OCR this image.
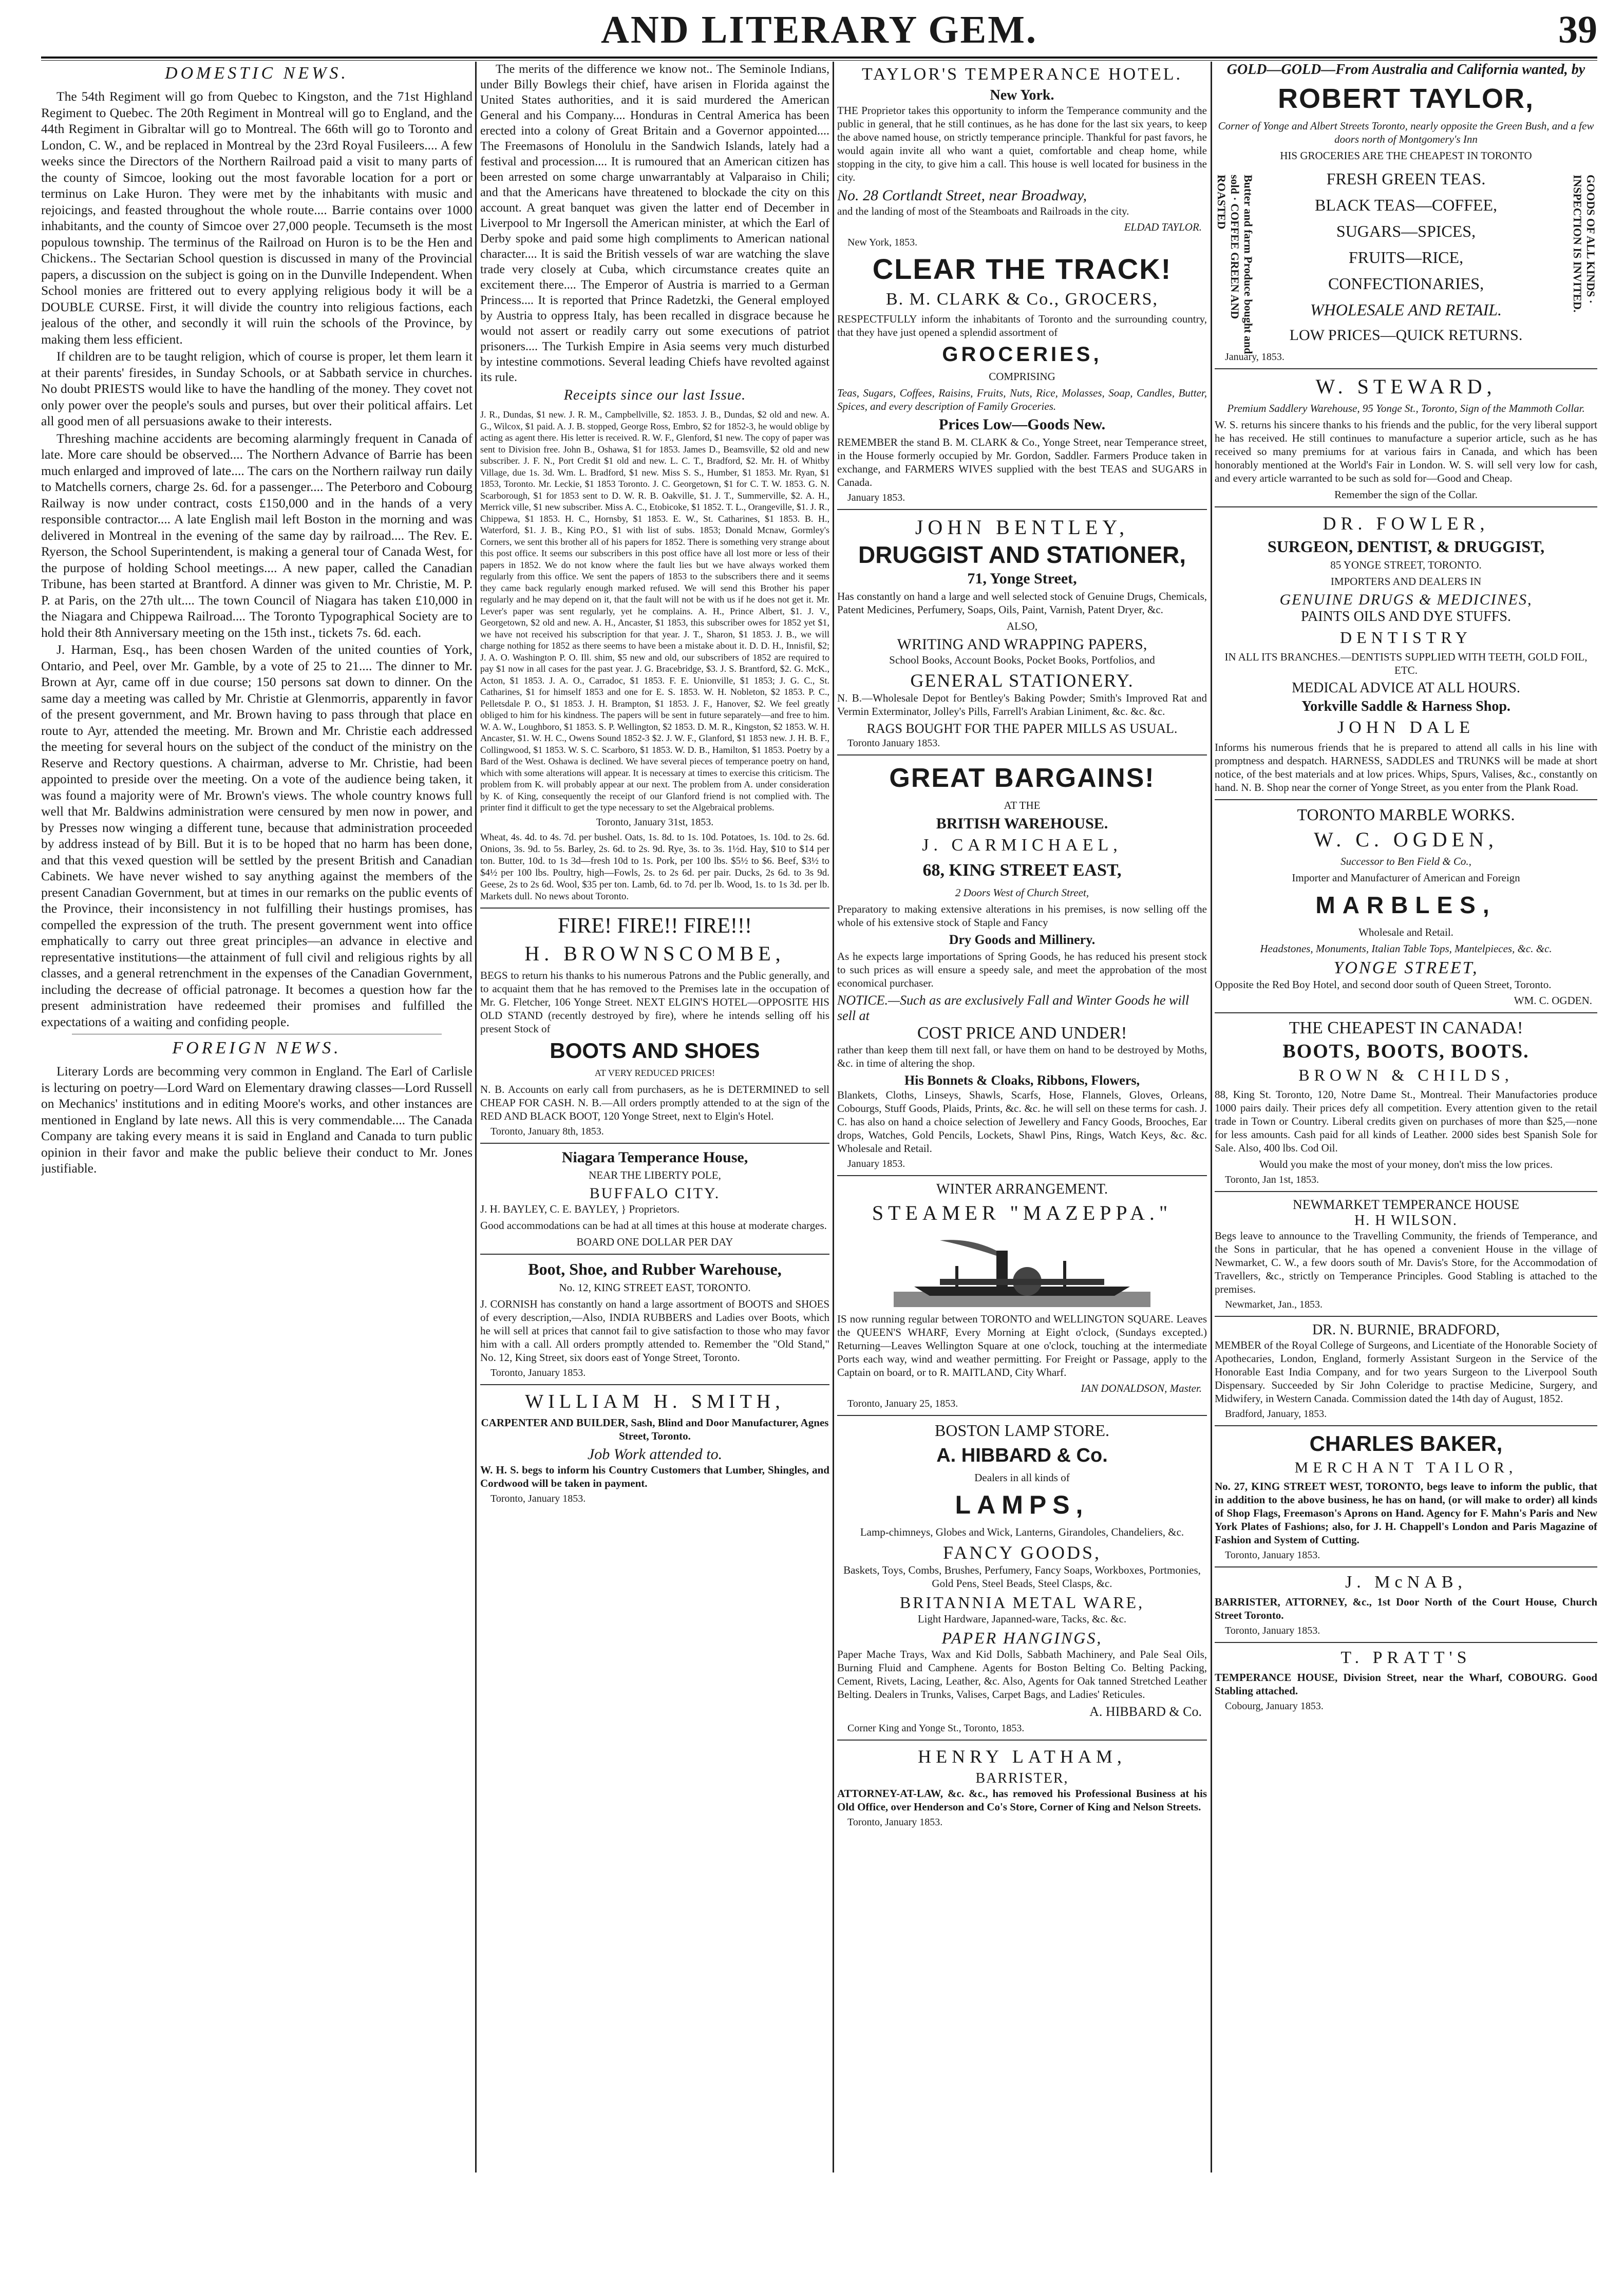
AND LITERARY GEM.	39
DOMESTIC NEWS.

The 54th Regiment will go from Quebec to Kingston, and the 71st Highland Regiment to Quebec. The 20th Regiment in Montreal will go to England, and the 44th Regiment in Gibraltar will go to Montreal. The 66th will go to Toronto and London, C. W., and be replaced in Montreal by the 23rd Royal Fusileers.... A few weeks since the Directors of the Northern Railroad paid a visit to many parts of the county of Simcoe, looking out the most favorable location for a port or terminus on Lake Huron. They were met by the inhabitants with music and rejoicings, and feasted throughout the whole route.... Barrie contains over 1000 inhabitants, and the county of Simcoe over 27,000 people. Tecumseth is the most populous township. The terminus of the Railroad on Huron is to be the Hen and Chickens.. The Sectarian School question is discussed in many of the Provincial papers, a discussion on the subject is going on in the Dunville Independent. When School monies are frittered out to every applying religious body it will be a DOUBLE CURSE. First, it will divide the country into religious factions, each jealous of the other, and secondly it will ruin the schools of the Province, by making them less efficient.

If children are to be taught religion, which of course is proper, let them learn it at their parents' firesides, in Sunday Schools, or at Sabbath service in churches. No doubt PRIESTS would like to have the handling of the money. They covet not only power over the people's souls and purses, but over their political affairs. Let all good men of all persuasions awake to their interests.

Threshing machine accidents are becoming alarmingly frequent in Canada of late. More care should be observed.... The Northern Advance of Barrie has been much enlarged and improved of late.... The cars on the Northern railway run daily to Matchells corners, charge 2s. 6d. for a passenger.... The Peterboro and Cobourg Railway is now under contract, costs £150,000 and in the hands of a very responsible contractor.... A late English mail left Boston in the morning and was delivered in Montreal in the evening of the same day by railroad.... The Rev. E. Ryerson, the School Superintendent, is making a general tour of Canada West, for the purpose of holding School meetings.... A new paper, called the Canadian Tribune, has been started at Brantford. A dinner was given to Mr. Christie, M. P. P. at Paris, on the 27th ult.... The town Council of Niagara has taken £10,000 in the Niagara and Chippewa Railroad.... The Toronto Typographical Society are to hold their 8th Anniversary meeting on the 15th inst., tickets 7s. 6d. each.

J. Harman, Esq., has been chosen Warden of the united counties of York, Ontario, and Peel, over Mr. Gamble, by a vote of 25 to 21.... The dinner to Mr. Brown at Ayr, came off in due course; 150 persons sat down to dinner. On the same day a meeting was called by Mr. Christie at Glenmorris, apparently in favor of the present government, and Mr. Brown having to pass through that place en route to Ayr, attended the meeting. Mr. Brown and Mr. Christie each addressed the meeting for several hours on the subject of the conduct of the ministry on the Reserve and Rectory questions. A chairman, adverse to Mr. Christie, had been appointed to preside over the meeting. On a vote of the audience being taken, it was found a majority were of Mr. Brown's views. The whole country knows full well that Mr. Baldwins administration were censured by men now in power, and by Presses now winging a different tune, because that administration proceeded by address instead of by Bill. But it is to be hoped that no harm has been done, and that this vexed question will be settled by the present British and Canadian Cabinets. We have never wished to say anything against the members of the present Canadian Government, but at times in our remarks on the public events of the Province, their inconsistency in not fulfilling their hustings promises, has compelled the expression of the truth. The present government went into office emphatically to carry out three great principles—an advance in elective and representative institutions—the attainment of full civil and religious rights by all classes, and a general retrenchment in the expenses of the Canadian Government, including the decrease of official patronage. It becomes a question how far the present administration have redeemed their promises and fulfilled the expectations of a waiting and confiding people.

FOREIGN NEWS.

Literary Lords are becomming very common in England. The Earl of Carlisle is lecturing on poetry—Lord Ward on Elementary drawing classes—Lord Russell on Mechanics' institutions and in editing Moore's works, and other instances are mentioned in England by late news. All this is very commendable.... The Canada Company are taking every means it is said in England and Canada to turn public opinion in their favor and make the public believe their conduct to Mr. Jones justifiable.

The merits of the difference we know not.. The Seminole Indians, under Billy Bowlegs their chief, have arisen in Florida against the United States authorities, and it is said murdered the American General and his Company.... Honduras in Central America has been erected into a colony of Great Britain and a Governor appointed.... The Freemasons of Honolulu in the Sandwich Islands, lately had a festival and procession.... It is rumoured that an American citizen has been arrested on some charge unwarrantably at Valparaiso in Chili; and that the Americans have threatened to blockade the city on this account. A great banquet was given the latter end of December in Liverpool to Mr Ingersoll the American minister, at which the Earl of Derby spoke and paid some high compliments to American national character.... It is said the British vessels of war are watching the slave trade very closely at Cuba, which circumstance creates quite an excitement there.... The Emperor of Austria is married to a German Princess.... It is reported that Prince Radetzki, the General employed by Austria to oppress Italy, has been recalled in disgrace because he would not assert or readily carry out some executions of patriot prisoners.... The Turkish Empire in Asia seems very much disturbed by intestine commotions. Several leading Chiefs have revolted against its rule.

Receipts since our last Issue.

J. R., Dundas, $1 new. J. R. M., Campbellville, $2. 1853. J. B., Dundas, $2 old and new. A. G., Wilcox, $1 paid. A. J. B. stopped, George Ross, Embro, $2 for 1852-3, he would oblige by acting as agent there. His letter is received. R. W. F., Glenford, $1 new. The copy of paper was sent to Division free. John B., Oshawa, $1 for 1853. James D., Beamsville, $2 old and new subscriber. J. F. N., Port Credit $1 old and new. L. C. T., Bradford, $2. Mr. H. of Whitby Village, due 1s. 3d. Wm. L. Bradford, $1 new. Miss S. S., Humber, $1 1853. Mr. Ryan, $1 1853, Toronto. Mr. Leckie, $1 1853 Toronto. J. C. Georgetown, $1 for C. T. W. 1853. G. N. Scarborough, $1 for 1853 sent to D. W. R. B. Oakville, $1. J. T., Summerville, $2. A. H., Merrick ville, $1 new subscriber. Miss A. C., Etobicoke, $1 1852. T. L., Orangeville, $1. J. R., Chippewa, $1 1853. H. C., Hornsby, $1 1853. E. W., St. Catharines, $1 1853. B. H., Waterford, $1. J. B., King P.O., $1 with list of subs. 1853; Donald Mcnaw, Gormley's Corners, we sent this brother all of his papers for 1852. There is something very strange about this post office. It seems our subscribers in this post office have all lost more or less of their papers in 1852. We do not know where the fault lies but we have always worked them regularly from this office. We sent the papers of 1853 to the subscribers there and it seems they came back regularly enough marked refused. We will send this Brother his paper regularly and he may depend on it, that the fault will not be with us if he does not get it. Mr. Lever's paper was sent regularly, yet he complains. A. H., Prince Albert, $1. J. V., Georgetown, $2 old and new. A. H., Ancaster, $1 1853, this subscriber owes for 1852 yet $1, we have not received his subscription for that year. J. T., Sharon, $1 1853. J. B., we will charge nothing for 1852 as there seems to have been a mistake about it. D. D. H., Innisfil, $2; J. A. O. Washington P. O. Ill. shim, $5 new and old, our subscribers of 1852 are required to pay $1 now in all cases for the past year. J. G. Bracebridge, $3. J. S. Brantford, $2. G. McK., Acton, $1 1853. J. A. O., Carradoc, $1 1853. F. E. Unionville, $1 1853; J. G. C., St. Catharines, $1 for himself 1853 and one for E. S. 1853. W. H. Nobleton, $2 1853. P. C., Pelletsdale P. O., $1 1853. J. H. Brampton, $1 1853. J. F., Hanover, $2. We feel greatly obliged to him for his kindness. The papers will be sent in future separately—and free to him. W. A. W., Loughboro, $1 1853. S. P. Wellington, $2 1853. D. M. R., Kingston, $2 1853. W. H. Ancaster, $1. W. H. C., Owens Sound 1852-3 $2. J. W. F., Glanford, $1 1853 new. J. H. B. F., Collingwood, $1 1853. W. S. C. Scarboro, $1 1853. W. D. B., Hamilton, $1 1853. Poetry by a Bard of the West. Oshawa is declined. We have several pieces of temperance poetry on hand, which with some alterations will appear. It is necessary at times to exercise this criticism. The problem from K. will probably appear at our next. The problem from A. under consideration by K. of King, consequently the receipt of our Glanford friend is not complied with. The printer find it difficult to get the type necessary to set the Algebraical problems.

Toronto, January 31st, 1853.

Wheat, 4s. 4d. to 4s. 7d. per bushel. Oats, 1s. 8d. to 1s. 10d. Potatoes, 1s. 10d. to 2s. 6d. Onions, 3s. 9d. to 5s. Barley, 2s. 6d. to 2s. 9d. Rye, 3s. to 3s. 1½d. Hay, $10 to $14 per ton. Butter, 10d. to 1s 3d—fresh 10d to 1s. Pork, per 100 lbs. $5½ to $6. Beef, $3½ to $4½ per 100 lbs. Poultry, high—Fowls, 2s. to 2s 6d. per pair. Ducks, 2s 6d. to 3s 9d. Geese, 2s to 2s 6d. Wool, $35 per ton. Lamb, 6d. to 7d. per lb. Wood, 1s. to 1s 3d. per lb. Markets dull. No news about Toronto.

FIRE! FIRE!! FIRE!!!
H. BROWNSCOMBE,

BEGS to return his thanks to his numerous Patrons and the Public generally, and to acquaint them that he has removed to the Premises late in the occupation of Mr. G. Fletcher, 106 Yonge Street. NEXT ELGIN'S HOTEL—OPPOSITE HIS OLD STAND (recently destroyed by fire), where he intends selling off his present Stock of

BOOTS AND SHOES
AT VERY REDUCED PRICES!

N. B. Accounts on early call from purchasers, as he is DETERMINED to sell CHEAP FOR CASH. N. B.—All orders promptly attended to at the sign of the RED AND BLACK BOOT, 120 Yonge Street, next to Elgin's Hotel.

Toronto, January 8th, 1853.
Niagara Temperance House,
NEAR THE LIBERTY POLE,
BUFFALO CITY.
J. H. BAYLEY, C. E. BAYLEY, } Proprietors.

Good accommodations can be had at all times at this house at moderate charges.

BOARD ONE DOLLAR PER DAY
Boot, Shoe, and Rubber Warehouse,
No. 12, KING STREET EAST, TORONTO.

J. CORNISH has constantly on hand a large assortment of BOOTS and SHOES of every description,—Also, INDIA RUBBERS and Ladies over Boots, which he will sell at prices that cannot fail to give satisfaction to those who may favor him with a call. All orders promptly attended to. Remember the "Old Stand," No. 12, King Street, six doors east of Yonge Street, Toronto.

Toronto, January 1853.
WILLIAM H. SMITH,
CARPENTER AND BUILDER, Sash, Blind and Door Manufacturer, Agnes Street, Toronto.
Job Work attended to.

W. H. S. begs to inform his Country Customers that Lumber, Shingles, and Cordwood will be taken in payment.

Toronto, January 1853.
TAYLOR'S TEMPERANCE HOTEL.
New York.

THE Proprietor takes this opportunity to inform the Temperance community and the public in general, that he still continues, as he has done for the last six years, to keep the above named house, on strictly temperance principle. Thankful for past favors, he would again invite all who want a quiet, comfortable and cheap home, while stopping in the city, to give him a call. This house is well located for business in the city.

No. 28 Cortlandt Street, near Broadway,

and the landing of most of the Steamboats and Railroads in the city.

ELDAD TAYLOR.
New York, 1853.
CLEAR THE TRACK!
B. M. CLARK & Co., GROCERS,

RESPECTFULLY inform the inhabitants of Toronto and the surrounding country, that they have just opened a splendid assortment of

GROCERIES,
COMPRISING

Teas, Sugars, Coffees, Raisins, Fruits, Nuts, Rice, Molasses, Soap, Candles, Butter, Spices, and every description of Family Groceries.

Prices Low—Goods New.

REMEMBER the stand B. M. CLARK & Co., Yonge Street, near Temperance street, in the House formerly occupied by Mr. Gordon, Saddler. Farmers Produce taken in exchange, and FARMERS WIVES supplied with the best TEAS and SUGARS in Canada.

January 1853.
JOHN BENTLEY,
DRUGGIST AND STATIONER,
71, Yonge Street,

Has constantly on hand a large and well selected stock of Genuine Drugs, Chemicals, Patent Medicines, Perfumery, Soaps, Oils, Paint, Varnish, Patent Dryer, &c.

ALSO,
WRITING AND WRAPPING PAPERS,
School Books, Account Books, Pocket Books, Portfolios, and
GENERAL STATIONERY.

N. B.—Wholesale Depot for Bentley's Baking Powder; Smith's Improved Rat and Vermin Exterminator, Jolley's Pills, Farrell's Arabian Liniment, &c. &c. &c.

RAGS BOUGHT FOR THE PAPER MILLS AS USUAL.
Toronto January 1853.
GREAT BARGAINS!
AT THE
BRITISH WAREHOUSE.
J. CARMICHAEL,
68, KING STREET EAST,
2 Doors West of Church Street,

Preparatory to making extensive alterations in his premises, is now selling off the whole of his extensive stock of Staple and Fancy

Dry Goods and Millinery.

As he expects large importations of Spring Goods, he has reduced his present stock to such prices as will ensure a speedy sale, and meet the approbation of the most economical purchaser.

NOTICE.—Such as are exclusively Fall and Winter Goods he will sell at
COST PRICE AND UNDER!

rather than keep them till next fall, or have them on hand to be destroyed by Moths, &c. in time of altering the shop.

His Bonnets & Cloaks, Ribbons, Flowers,

Blankets, Cloths, Linseys, Shawls, Scarfs, Hose, Flannels, Gloves, Orleans, Cobourgs, Stuff Goods, Plaids, Prints, &c. &c. he will sell on these terms for cash. J. C. has also on hand a choice selection of Jewellery and Fancy Goods, Brooches, Ear drops, Watches, Gold Pencils, Lockets, Shawl Pins, Rings, Watch Keys, &c. &c. Wholesale and Retail.

January 1853.
WINTER ARRANGEMENT.
STEAMER "MAZEPPA."

IS now running regular between TORONTO and WELLINGTON SQUARE. Leaves the QUEEN'S WHARF, Every Morning at Eight o'clock, (Sundays excepted.) Returning—Leaves Wellington Square at one o'clock, touching at the intermediate Ports each way, wind and weather permitting. For Freight or Passage, apply to the Captain on board, or to R. MAITLAND, City Wharf.

IAN DONALDSON, Master.
Toronto, January 25, 1853.
BOSTON LAMP STORE.
A. HIBBARD & Co.
Dealers in all kinds of
LAMPS,

Lamp-chimneys, Globes and Wick, Lanterns, Girandoles, Chandeliers, &c.

FANCY GOODS,

Baskets, Toys, Combs, Brushes, Perfumery, Fancy Soaps, Workboxes, Portmonies, Gold Pens, Steel Beads, Steel Clasps, &c.

BRITANNIA METAL WARE,

Light Hardware, Japanned-ware, Tacks, &c. &c.

PAPER HANGINGS,

Paper Mache Trays, Wax and Kid Dolls, Sabbath Machinery, and Pale Seal Oils, Burning Fluid and Camphene. Agents for Boston Belting Co. Belting Packing, Cement, Rivets, Lacing, Leather, &c. Also, Agents for Oak tanned Stretched Leather Belting. Dealers in Trunks, Valises, Carpet Bags, and Ladies' Reticules.

A. HIBBARD & Co.
Corner King and Yonge St., Toronto, 1853.
HENRY LATHAM,
BARRISTER,

ATTORNEY-AT-LAW, &c. &c., has removed his Professional Business at his Old Office, over Henderson and Co's Store, Corner of King and Nelson Streets.

Toronto, January 1853.
GOLD—GOLD—From Australia and California wanted, by
ROBERT TAYLOR,
Corner of Yonge and Albert Streets Toronto, nearly opposite the Green Bush, and a few doors north of Montgomery's Inn
HIS GROCERIES ARE THE CHEAPEST IN TORONTO
Butter and farm Produce bought and sold · COFFEE GREEN AND ROASTED	GOODS OF ALL KINDS · INSPECTION IS INVITED.
FRESH GREEN TEAS.
BLACK TEAS—COFFEE,
SUGARS—SPICES,
FRUITS—RICE,
CONFECTIONARIES,
WHOLESALE AND RETAIL.
LOW PRICES—QUICK RETURNS.
January, 1853.
W. STEWARD,
Premium Saddlery Warehouse, 95 Yonge St., Toronto, Sign of the Mammoth Collar.

W. S. returns his sincere thanks to his friends and the public, for the very liberal support he has received. He still continues to manufacture a superior article, such as he has received so many premiums for at various fairs in Canada, and which has been honorably mentioned at the World's Fair in London. W. S. will sell very low for cash, and every article warranted to be such as sold for—Good and Cheap.

Remember the sign of the Collar.
DR. FOWLER,
SURGEON, DENTIST, & DRUGGIST,
85 YONGE STREET, TORONTO.
IMPORTERS AND DEALERS IN
GENUINE DRUGS & MEDICINES,
PAINTS OILS AND DYE STUFFS.
DENTISTRY
IN ALL ITS BRANCHES.—DENTISTS SUPPLIED WITH TEETH, GOLD FOIL, ETC.
MEDICAL ADVICE AT ALL HOURS.
Yorkville Saddle & Harness Shop.
JOHN DALE

Informs his numerous friends that he is prepared to attend all calls in his line with promptness and despatch. HARNESS, SADDLES and TRUNKS will be made at short notice, of the best materials and at low prices. Whips, Spurs, Valises, &c., constantly on hand. N. B. Shop near the corner of Yonge Street, as you enter from the Plank Road.

TORONTO MARBLE WORKS.
W. C. OGDEN,
Successor to Ben Field & Co.,
Importer and Manufacturer of American and Foreign
MARBLES,
Wholesale and Retail.
Headstones, Monuments, Italian Table Tops, Mantelpieces, &c. &c.
YONGE STREET,

Opposite the Red Boy Hotel, and second door south of Queen Street, Toronto.

WM. C. OGDEN.
THE CHEAPEST IN CANADA!
BOOTS, BOOTS, BOOTS.
BROWN & CHILDS,

88, King St. Toronto, 120, Notre Dame St., Montreal. Their Manufactories produce 1000 pairs daily. Their prices defy all competition. Every attention given to the retail trade in Town or Country. Liberal credits given on purchases of more than $25,—none for less amounts. Cash paid for all kinds of Leather. 2000 sides best Spanish Sole for Sale. Also, 400 lbs. Cod Oil.

Would you make the most of your money, don't miss the low prices.
Toronto, Jan 1st, 1853.
NEWMARKET TEMPERANCE HOUSE
H. H WILSON.

Begs leave to announce to the Travelling Community, the friends of Temperance, and the Sons in particular, that he has opened a convenient House in the village of Newmarket, C. W., a few doors south of Mr. Davis's Store, for the Accommodation of Travellers, &c., strictly on Temperance Principles. Good Stabling is attached to the premises.

Newmarket, Jan., 1853.
DR. N. BURNIE, BRADFORD,

MEMBER of the Royal College of Surgeons, and Licentiate of the Honorable Society of Apothecaries, London, England, formerly Assistant Surgeon in the Service of the Honorable East India Company, and for two years Surgeon to the Liverpool South Dispensary. Succeeded by Sir John Coleridge to practise Medicine, Surgery, and Midwifery, in Western Canada. Commission dated the 14th day of August, 1852.

Bradford, January, 1853.
CHARLES BAKER,
MERCHANT TAILOR,

No. 27, KING STREET WEST, TORONTO, begs leave to inform the public, that in addition to the above business, he has on hand, (or will make to order) all kinds of Shop Flags, Freemason's Aprons on Hand. Agency for F. Mahn's Paris and New York Plates of Fashions; also, for J. H. Chappell's London and Paris Magazine of Fashion and System of Cutting.

Toronto, January 1853.
J. McNAB,

BARRISTER, ATTORNEY, &c., 1st Door North of the Court House, Church Street Toronto.

Toronto, January 1853.
T. PRATT'S

TEMPERANCE HOUSE, Division Street, near the Wharf, COBOURG. Good Stabling attached.

Cobourg, January 1853.
